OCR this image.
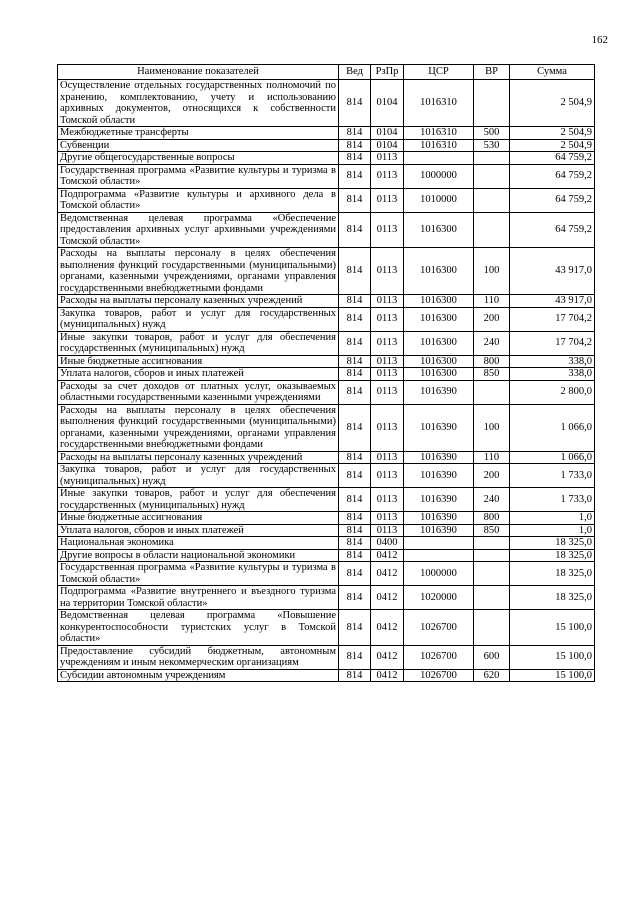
162
Наименование показателей	Вед	РзПр	ЦСР	ВР	Сумма
Осуществление отдельных государственных полномочий по хранению, комплектованию, учету и использованию архивных документов, относящихся к собственности Томской области	814	0104	1016310		2 504,9
Межбюджетные трансферты	814	0104	1016310	500	2 504,9
Субвенции	814	0104	1016310	530	2 504,9
Другие общегосударственные вопросы	814	0113			64 759,2
Государственная программа «Развитие культуры и туризма в Томской области»	814	0113	1000000		64 759,2
Подпрограмма «Развитие культуры и архивного дела в Томской области»	814	0113	1010000		64 759,2
Ведомственная целевая программа «Обеспечение предоставления архивных услуг архивными учреждениями Томской области»	814	0113	1016300		64 759,2
Расходы на выплаты персоналу в целях обеспечения выполнения функций государственными (муниципальными) органами, казенными учреждениями, органами управления государственными внебюджетными фондами	814	0113	1016300	100	43 917,0
Расходы на выплаты персоналу казенных учреждений	814	0113	1016300	110	43 917,0
Закупка товаров, работ и услуг для государственных (муниципальных) нужд	814	0113	1016300	200	17 704,2
Иные закупки товаров, работ и услуг для обеспечения государственных (муниципальных) нужд	814	0113	1016300	240	17 704,2
Иные бюджетные ассигнования	814	0113	1016300	800	338,0
Уплата налогов, сборов и иных платежей	814	0113	1016300	850	338,0
Расходы за счет доходов от платных услуг, оказываемых областными государственными казенными учреждениями	814	0113	1016390		2 800,0
Расходы на выплаты персоналу в целях обеспечения выполнения функций государственными (муниципальными) органами, казенными учреждениями, органами управления государственными внебюджетными фондами	814	0113	1016390	100	1 066,0
Расходы на выплаты персоналу казенных учреждений	814	0113	1016390	110	1 066,0
Закупка товаров, работ и услуг для государственных (муниципальных) нужд	814	0113	1016390	200	1 733,0
Иные закупки товаров, работ и услуг для обеспечения государственных (муниципальных) нужд	814	0113	1016390	240	1 733,0
Иные бюджетные ассигнования	814	0113	1016390	800	1,0
Уплата налогов, сборов и иных платежей	814	0113	1016390	850	1,0
Национальная экономика	814	0400			18 325,0
Другие вопросы в области национальной экономики	814	0412			18 325,0
Государственная программа «Развитие культуры и туризма в Томской области»	814	0412	1000000		18 325,0
Подпрограмма «Развитие внутреннего и въездного туризма на территории Томской области»	814	0412	1020000		18 325,0
Ведомственная целевая программа «Повышение конкурентоспособности туристских услуг в Томской области»	814	0412	1026700		15 100,0
Предоставление субсидий бюджетным, автономным учреждениям и иным некоммерческим организациям	814	0412	1026700	600	15 100,0
Субсидии автономным учреждениям	814	0412	1026700	620	15 100,0
